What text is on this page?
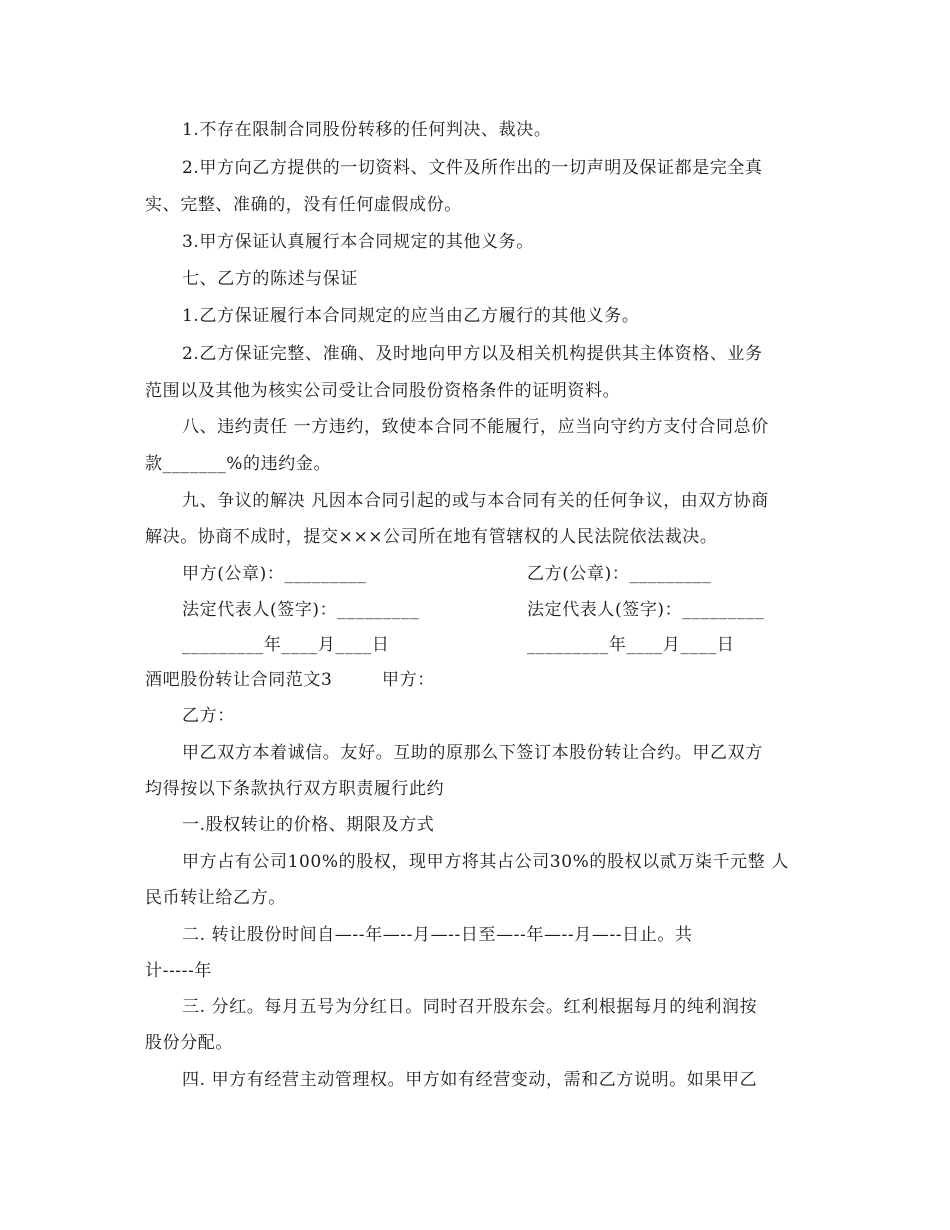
1.不存在限制合同股份转移的任何判决、裁决。
2.甲方向乙方提供的一切资料、文件及所作出的一切声明及保证都是完全真
实、完整、准确的，没有任何虚假成份。
3.甲方保证认真履行本合同规定的其他义务。
七、乙方的陈述与保证
1.乙方保证履行本合同规定的应当由乙方履行的其他义务。
2.乙方保证完整、准确、及时地向甲方以及相关机构提供其主体资格、业务
范围以及其他为核实公司受让合同股份资格条件的证明资料。
八、违约责任 一方违约，致使本合同不能履行，应当向守约方支付合同总价
款_______%的违约金。
九、争议的解决 凡因本合同引起的或与本合同有关的任何争议，由双方协商
解决。协商不成时，提交×××公司所在地有管辖权的人民法院依法裁决。
甲方(公章)：_________	乙方(公章)：_________
法定代表人(签字)：_________	法定代表人(签字)：_________
_________年____月____日	_________年____月____日
酒吧股份转让合同范文3	甲方：
乙方：
甲乙双方本着诚信。友好。互助的原那么下签订本股份转让合约。甲乙双方
均得按以下条款执行双方职责履行此约
一.股权转让的价格、期限及方式
甲方占有公司100%的股权，现甲方将其占公司30%的股权以贰万柒千元整 人
民币转让给乙方。
二. 转让股份时间自—--年—--月—--日至—--年—--月—--日止。共
计-----年
三. 分红。每月五号为分红日。同时召开股东会。红利根据每月的纯利润按
股份分配。
四. 甲方有经营主动管理权。甲方如有经营变动，需和乙方说明。如果甲乙
